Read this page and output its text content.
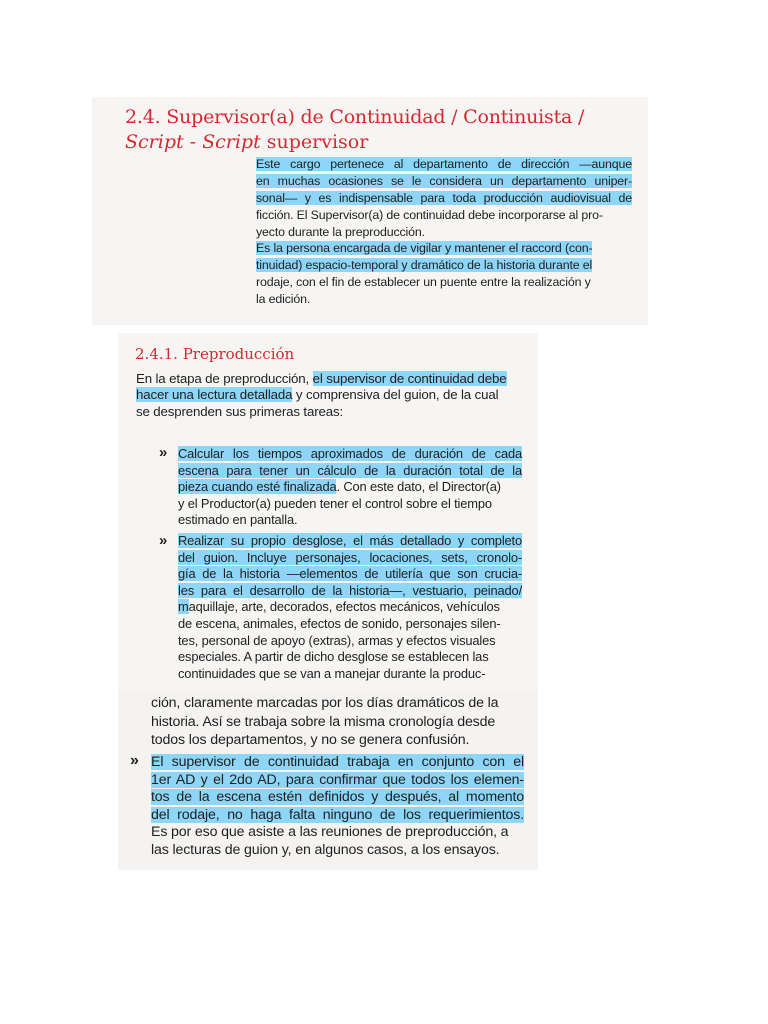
2.4. Supervisor(a) de Continuidad / Continuista /
Script - Script supervisor

Este cargo pertenece al departamento de dirección —aunque
en muchas ocasiones se le considera un departamento uniper-
sonal— y es indispensable para toda producción audiovisual de
ficción. El Supervisor(a) de continuidad debe incorporarse al pro-
yecto durante la preproducción.

Es la persona encargada de vigilar y mantener el raccord (con-
tinuidad) espacio-temporal y dramático de la historia durante el
rodaje, con el fin de establecer un puente entre la realización y
la edición.

2.4.1. Preproducción

En la etapa de preproducción, el supervisor de continuidad debe
hacer una lectura detallada y comprensiva del guion, de la cual
se desprenden sus primeras tareas:

» Calcular los tiempos aproximados de duración de cada
escena para tener un cálculo de la duración total de la
pieza cuando esté finalizada. Con este dato, el Director(a)
y el Productor(a) pueden tener el control sobre el tiempo
estimado en pantalla.

» Realizar su propio desglose, el más detallado y completo
del guion. Incluye personajes, locaciones, sets, cronolo-
gía de la historia —elementos de utilería que son crucia-
les para el desarrollo de la historia—, vestuario, peinado/
maquillaje, arte, decorados, efectos mecánicos, vehículos
de escena, animales, efectos de sonido, personajes silen-
tes, personal de apoyo (extras), armas y efectos visuales
especiales. A partir de dicho desglose se establecen las
continuidades que se van a manejar durante la produc-

ción, claramente marcadas por los días dramáticos de la
historia. Así se trabaja sobre la misma cronología desde
todos los departamentos, y no se genera confusión.

» El supervisor de continuidad trabaja en conjunto con el
1er AD y el 2do AD, para confirmar que todos los elemen-
tos de la escena estén definidos y después, al momento
del rodaje, no haga falta ninguno de los requerimientos.
Es por eso que asiste a las reuniones de preproducción, a
las lecturas de guion y, en algunos casos, a los ensayos.
